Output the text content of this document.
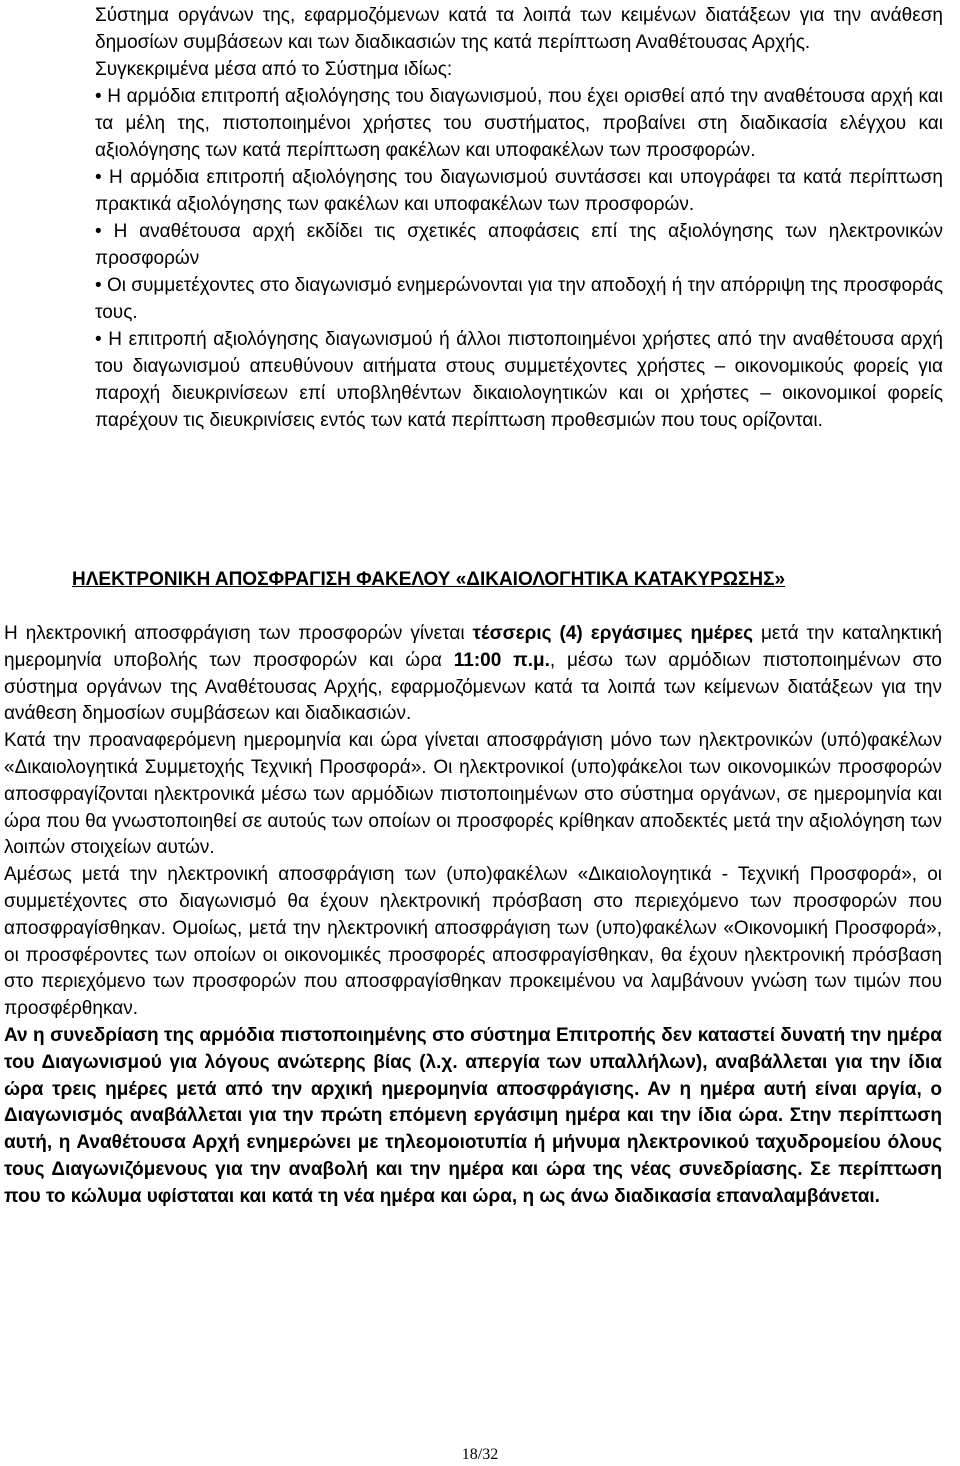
Σύστημα οργάνων της, εφαρμοζόμενων κατά τα λοιπά των κειμένων διατάξεων για την ανάθεση δημοσίων συμβάσεων και των διαδικασιών της κατά περίπτωση Αναθέτουσας Αρχής.

Συγκεκριμένα μέσα από το Σύστημα ιδίως:

• Η αρμόδια επιτροπή αξιολόγησης του διαγωνισμού, που έχει ορισθεί από την αναθέτουσα αρχή και τα μέλη της, πιστοποιημένοι χρήστες του συστήματος, προβαίνει στη διαδικασία ελέγχου και αξιολόγησης των κατά περίπτωση φακέλων και υποφακέλων των προσφορών.

• Η αρμόδια επιτροπή αξιολόγησης του διαγωνισμού συντάσσει και υπογράφει τα κατά περίπτωση πρακτικά αξιολόγησης των φακέλων και υποφακέλων των προσφορών.

• Η αναθέτουσα αρχή εκδίδει τις σχετικές αποφάσεις επί της αξιολόγησης των ηλεκτρονικών προσφορών

• Οι συμμετέχοντες στο διαγωνισμό ενημερώνονται για την αποδοχή ή την απόρριψη της προσφοράς τους.

• Η επιτροπή αξιολόγησης διαγωνισμού ή άλλοι πιστοποιημένοι χρήστες από την αναθέτουσα αρχή του διαγωνισμού απευθύνουν αιτήματα στους συμμετέχοντες χρήστες – οικονομικούς φορείς για παροχή διευκρινίσεων επί υποβληθέντων δικαιολογητικών και οι χρήστες – οικονομικοί φορείς παρέχουν τις διευκρινίσεις εντός των κατά περίπτωση προθεσμιών που τους ορίζονται.

ΗΛΕΚΤΡΟΝΙΚΗ ΑΠΟΣΦΡΑΓΙΣΗ ΦΑΚΕΛΟΥ «ΔΙΚΑΙΟΛΟΓΗΤΙΚΑ ΚΑΤΑΚΥΡΩΣΗΣ»

Η ηλεκτρονική αποσφράγιση των προσφορών γίνεται τέσσερις (4) εργάσιμες ημέρες μετά την καταληκτική ημερομηνία υποβολής των προσφορών και ώρα 11:00 π.μ., μέσω των αρμόδιων πιστοποιημένων στο σύστημα οργάνων της Αναθέτουσας Αρχής, εφαρμοζόμενων κατά τα λοιπά των κείμενων διατάξεων για την ανάθεση δημοσίων συμβάσεων και διαδικασιών.

Κατά την προαναφερόμενη ημερομηνία και ώρα γίνεται αποσφράγιση μόνο των ηλεκτρονικών (υπό)φακέλων «Δικαιολογητικά Συμμετοχής Τεχνική Προσφορά». Οι ηλεκτρονικοί (υπο)φάκελοι των οικονομικών προσφορών αποσφραγίζονται ηλεκτρονικά μέσω των αρμόδιων πιστοποιημένων στο σύστημα οργάνων, σε ημερομηνία και ώρα που θα γνωστοποιηθεί σε αυτούς των οποίων οι προσφορές κρίθηκαν αποδεκτές μετά την αξιολόγηση των λοιπών στοιχείων αυτών.

Αμέσως μετά την ηλεκτρονική αποσφράγιση των (υπο)φακέλων «Δικαιολογητικά - Τεχνική Προσφορά», οι συμμετέχοντες στο διαγωνισμό θα έχουν ηλεκτρονική πρόσβαση στο περιεχόμενο των προσφορών που αποσφραγίσθηκαν. Ομοίως, μετά την ηλεκτρονική αποσφράγιση των (υπο)φακέλων «Οικονομική Προσφορά», οι προσφέροντες των οποίων οι οικονομικές προσφορές αποσφραγίσθηκαν, θα έχουν ηλεκτρονική πρόσβαση στο περιεχόμενο των προσφορών που αποσφραγίσθηκαν προκειμένου να λαμβάνουν γνώση των τιμών που προσφέρθηκαν.

Αν η συνεδρίαση της αρμόδια πιστοποιημένης στο σύστημα Επιτροπής δεν καταστεί δυνατή την ημέρα του Διαγωνισμού για λόγους ανώτερης βίας (λ.χ. απεργία των υπαλλήλων), αναβάλλεται για την ίδια ώρα τρεις ημέρες μετά από την αρχική ημερομηνία αποσφράγισης. Αν η ημέρα αυτή είναι αργία, ο Διαγωνισμός αναβάλλεται για την πρώτη επόμενη εργάσιμη ημέρα και την ίδια ώρα. Στην περίπτωση αυτή, η Αναθέτουσα Αρχή ενημερώνει με τηλεομοιοτυπία ή μήνυμα ηλεκτρονικού ταχυδρομείου όλους τους Διαγωνιζόμενους για την αναβολή και την ημέρα και ώρα της νέας συνεδρίασης. Σε περίπτωση που το κώλυμα υφίσταται και κατά τη νέα ημέρα και ώρα, η ως άνω διαδικασία επαναλαμβάνεται.

18/32
